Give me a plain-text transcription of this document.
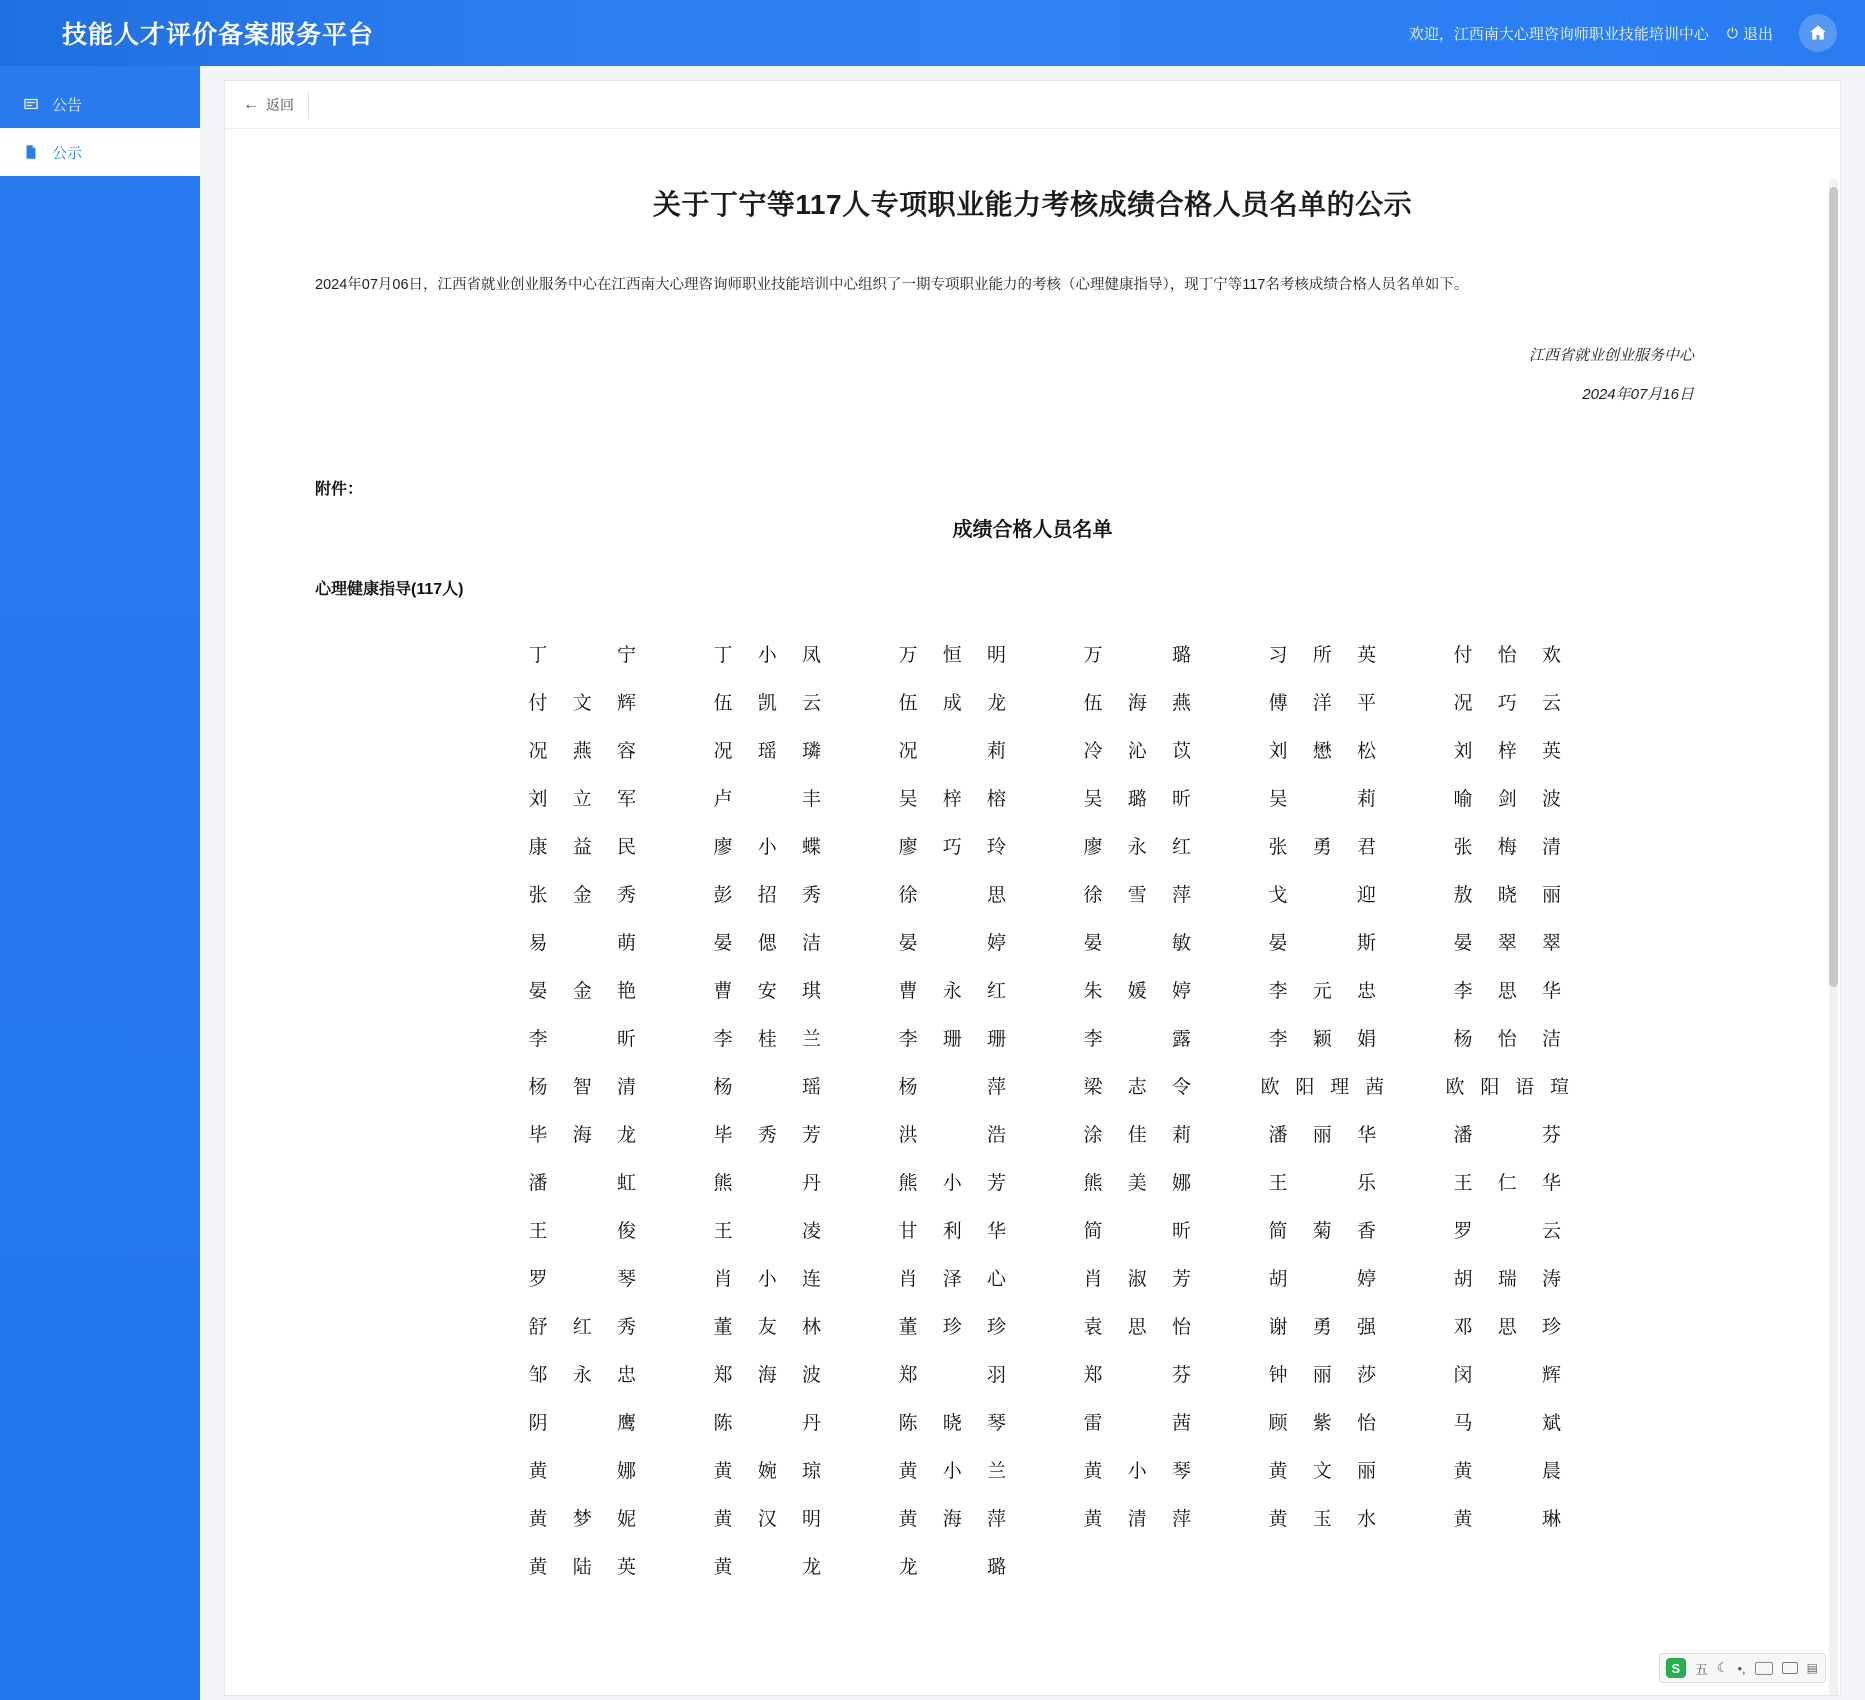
技能人才评价备案服务平台	欢迎，江西南大心理咨询师职业技能培训中心 ⏻ 退出
公告
公示
← 返回
关于丁宁等117人专项职业能力考核成绩合格人员名单的公示

2024年07月06日，江西省就业创业服务中心在江西南大心理咨询师职业技能培训中心组织了一期专项职业能力的考核（心理健康指导），现丁宁等117名考核成绩合格人员名单如下。

江西省就业创业服务中心
2024年07月16日
附件：
成绩合格人员名单
心理健康指导(117人)
丁宁	丁小凤	万恒明	万璐	习所英	付怡欢
付文辉	伍凯云	伍成龙	伍海燕	傅洋平	况巧云
况燕容	况瑶璘	况莉	冷沁苡	刘懋松	刘梓英
刘立军	卢丰	吴梓榕	吴璐昕	吴莉	喻剑波
康益民	廖小蝶	廖巧玲	廖永红	张勇君	张梅清
张金秀	彭招秀	徐思	徐雪萍	戈迎	敖晓丽
易萌	晏偲洁	晏婷	晏敏	晏斯	晏翠翠
晏金艳	曹安琪	曹永红	朱媛婷	李元忠	李思华
李昕	李桂兰	李珊珊	李露	李颖娟	杨怡洁
杨智清	杨瑶	杨萍	梁志令	欧阳理茜	欧阳语瑄
毕海龙	毕秀芳	洪浩	涂佳莉	潘丽华	潘芬
潘虹	熊丹	熊小芳	熊美娜	王乐	王仁华
王俊	王凌	甘利华	简昕	简菊香	罗云
罗琴	肖小连	肖泽心	肖淑芳	胡婷	胡瑞涛
舒红秀	董友林	董珍珍	袁思怡	谢勇强	邓思珍
邹永忠	郑海波	郑羽	郑芬	钟丽莎	闵辉
阴鹰	陈丹	陈晓琴	雷茜	顾紫怡	马斌
黄娜	黄婉琼	黄小兰	黄小琴	黄文丽	黄晨
黄梦妮	黄汉明	黄海萍	黄清萍	黄玉水	黄琳
黄陆英	黄龙	龙璐
S	五 ☾ •,	▤
